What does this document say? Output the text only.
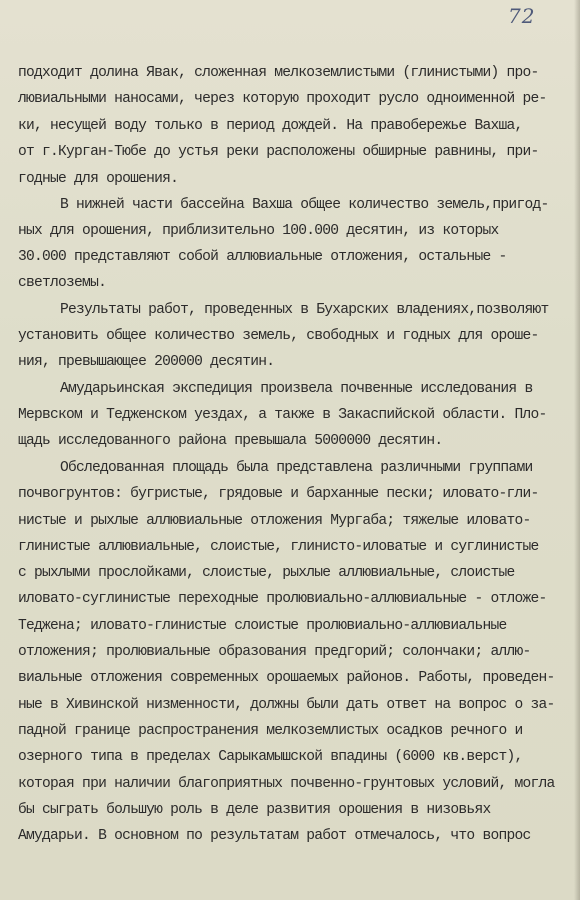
72
подходит долина Явак, сложенная мелкоземлистыми (глинистыми) про-
лювиальными наносами, через которую проходит русло одноименной ре-
ки, несущей воду только в период дождей. На правобережье Вахша,
от г.Курган-Тюбе до устья реки расположены обширные равнины, при-
годные для орошения.
В нижней части бассейна Вахша общее количество земель,пригод-
ных для орошения, приблизительно 100.000 десятин, из которых
30.000 представляют собой аллювиальные отложения, остальные -
светлоземы.
Результаты работ, проведенных в Бухарских владениях,позволяют
установить общее количество земель, свободных и годных для ороше-
ния, превышающее 200000 десятин.
Амударьинская экспедиция произвела почвенные исследования в
Мервском и Тедженском уездах, а также в Закаспийской области. Пло-
щадь исследованного района превышала 5000000 десятин.
Обследованная площадь была представлена различными группами
почвогрунтов: бугристые, грядовые и барханные пески; иловато-гли-
нистые и рыхлые аллювиальные отложения Мургаба; тяжелые иловато-
глинистые аллювиальные, слоистые, глинисто-иловатые и суглинистые
с рыхлыми прослойками, слоистые, рыхлые аллювиальные, слоистые
иловато-суглинистые переходные пролювиально-аллювиальные - отложе-
Теджена; иловато-глинистые слоистые пролювиально-аллювиальные
отложения; пролювиальные образования предгорий; солончаки; аллю-
виальные отложения современных орошаемых районов. Работы, проведен-
ные в Хивинской низменности, должны были дать ответ на вопрос о за-
падной границе распространения мелкоземлистых осадков речного и
озерного типа в пределах Сарыкамышской впадины (6000 кв.верст),
которая при наличии благоприятных почвенно-грунтовых условий, могла
бы сыграть большую роль в деле развития орошения в низовьях
Амударьи. В основном по результатам работ отмечалось, что вопрос
